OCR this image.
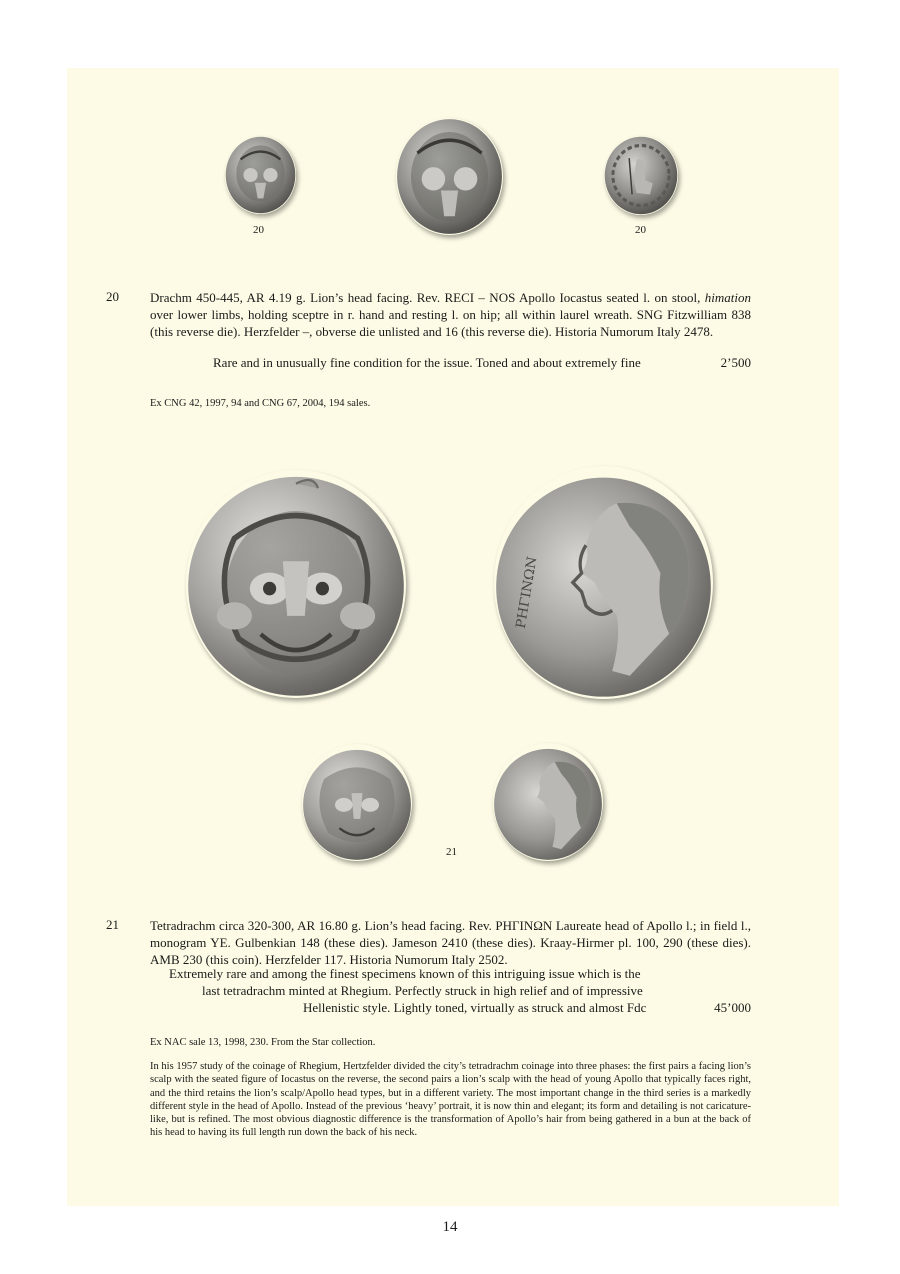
20	20
20 Drachm 450-445, AR 4.19 g. Lion’s head facing. Rev. RECI – NOS Apollo Iocastus seated l. on stool, himation over lower limbs, holding sceptre in r. hand and resting l. on hip; all within laurel wreath. SNG Fitzwilliam 838 (this reverse die). Herzfelder –, obverse die unlisted and 16 (this reverse die). Historia Numorum Italy 2478.
Rare and in unusually fine condition for the issue. Toned and about extremely fine	2’500
Ex CNG 42, 1997, 94 and CNG 67, 2004, 194 sales.
ΡΗΓΙΝΩΝ
21
21 Tetradrachm circa 320-300, AR 16.80 g. Lion’s head facing. Rev. ΡΗΓΙΝΩΝ Laureate head of Apollo l.; in field l., monogram YE. Gulbenkian 148 (these dies). Jameson 2410 (these dies). Kraay-Hirmer pl. 100, 290 (these dies). AMB 230 (this coin). Herzfelder 117. Historia Numorum Italy 2502.
Extremely rare and among the finest specimens known of this intriguing issue which is the
last tetradrachm minted at Rhegium. Perfectly struck in high relief and of impressive
Hellenistic style. Lightly toned, virtually as struck and almost Fdc	45’000
Ex NAC sale 13, 1998, 230. From the Star collection.
In his 1957 study of the coinage of Rhegium, Hertzfelder divided the city’s tetradrachm coinage into three phases: the first pairs a facing lion’s scalp with the seated figure of Iocastus on the reverse, the second pairs a lion’s scalp with the head of young Apollo that typically faces right, and the third retains the lion’s scalp/Apollo head types, but in a different variety. The most important change in the third series is a markedly different style in the head of Apollo. Instead of the previous ‘heavy’ portrait, it is now thin and elegant; its form and detailing is not caricature-like, but is refined. The most obvious diagnostic difference is the transformation of Apollo’s hair from being gathered in a bun at the back of his head to having its full length run down the back of his neck.
14
